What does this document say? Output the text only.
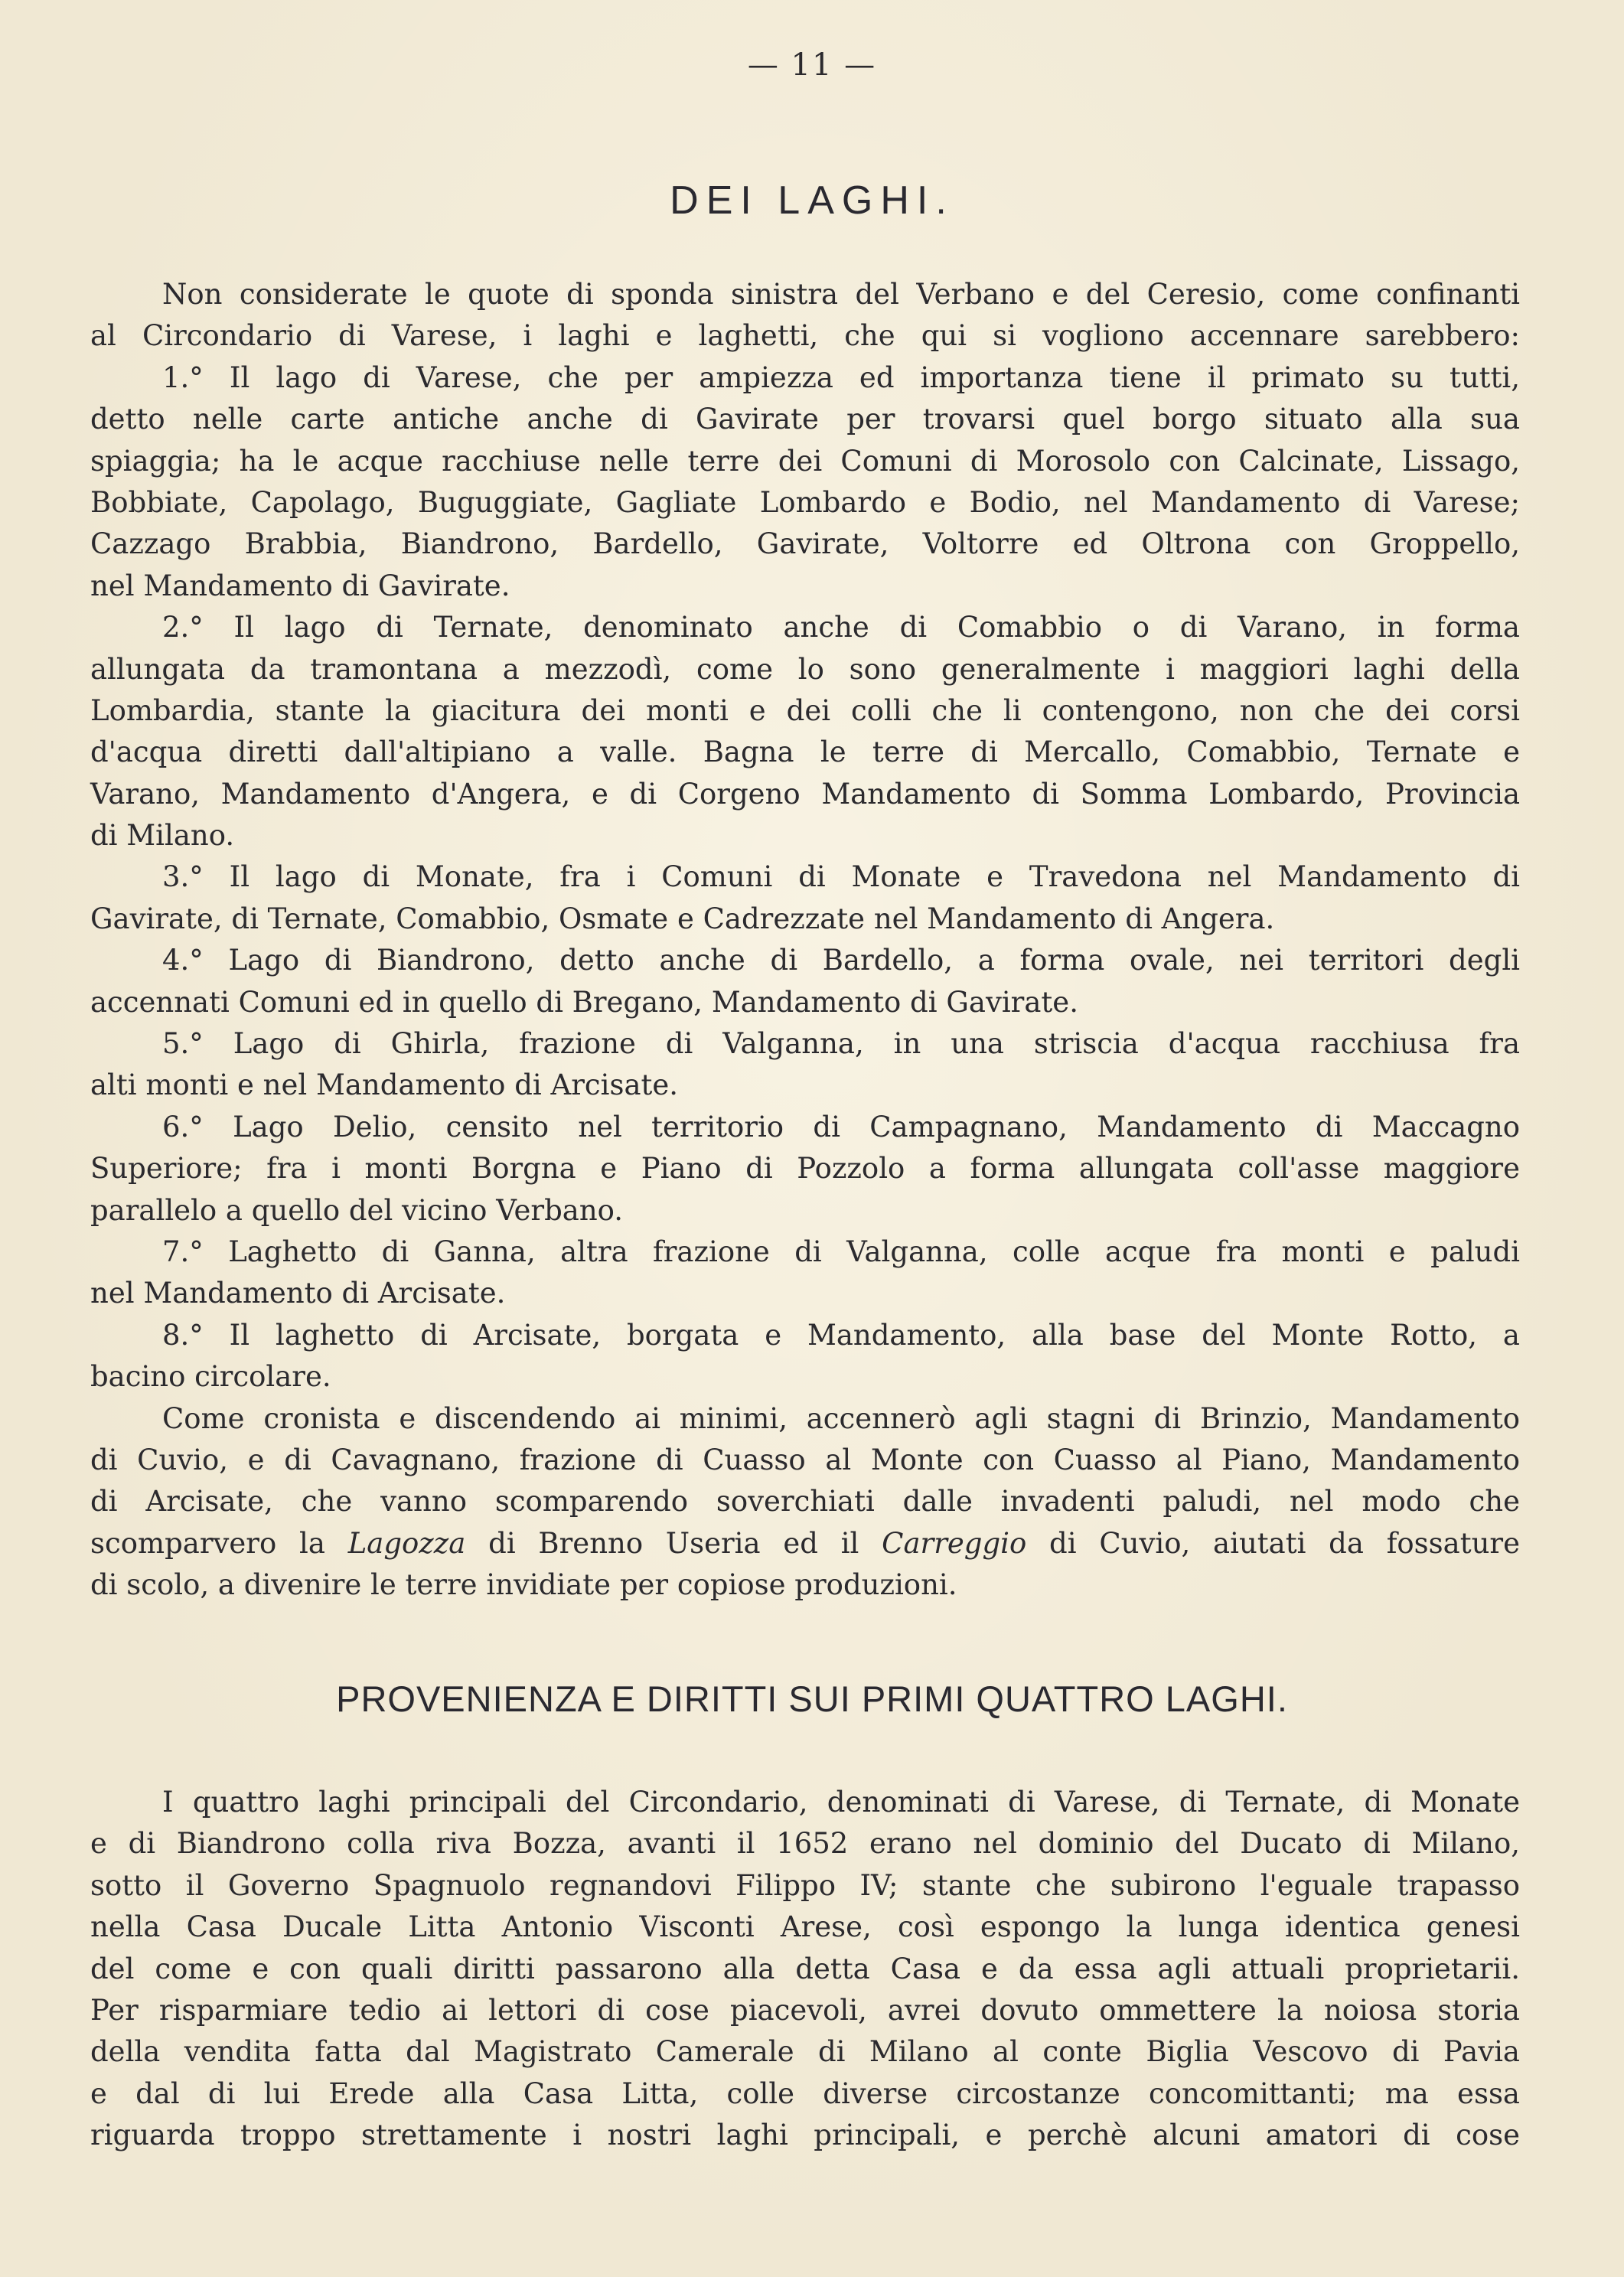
— 11 —
DEI LAGHI.
Non considerate le quote di sponda sinistra del Verbano e del Ceresio, come confinanti
al Circondario di Varese, i laghi e laghetti, che qui si vogliono accennare sarebbero:
1.° Il lago di Varese, che per ampiezza ed importanza tiene il primato su tutti,
detto nelle carte antiche anche di Gavirate per trovarsi quel borgo situato alla sua
spiaggia; ha le acque racchiuse nelle terre dei Comuni di Morosolo con Calcinate, Lissago,
Bobbiate, Capolago, Buguggiate, Gagliate Lombardo e Bodio, nel Mandamento di Varese;
Cazzago Brabbia, Biandrono, Bardello, Gavirate, Voltorre ed Oltrona con Groppello,
nel Mandamento di Gavirate.
2.° Il lago di Ternate, denominato anche di Comabbio o di Varano, in forma
allungata da tramontana a mezzodì, come lo sono generalmente i maggiori laghi della
Lombardia, stante la giacitura dei monti e dei colli che li contengono, non che dei corsi
d'acqua diretti dall'altipiano a valle. Bagna le terre di Mercallo, Comabbio, Ternate e
Varano, Mandamento d'Angera, e di Corgeno Mandamento di Somma Lombardo, Provincia
di Milano.
3.° Il lago di Monate, fra i Comuni di Monate e Travedona nel Mandamento di
Gavirate, di Ternate, Comabbio, Osmate e Cadrezzate nel Mandamento di Angera.
4.° Lago di Biandrono, detto anche di Bardello, a forma ovale, nei territori degli
accennati Comuni ed in quello di Bregano, Mandamento di Gavirate.
5.° Lago di Ghirla, frazione di Valganna, in una striscia d'acqua racchiusa fra
alti monti e nel Mandamento di Arcisate.
6.° Lago Delio, censito nel territorio di Campagnano, Mandamento di Maccagno
Superiore; fra i monti Borgna e Piano di Pozzolo a forma allungata coll'asse maggiore
parallelo a quello del vicino Verbano.
7.° Laghetto di Ganna, altra frazione di Valganna, colle acque fra monti e paludi
nel Mandamento di Arcisate.
8.° Il laghetto di Arcisate, borgata e Mandamento, alla base del Monte Rotto, a
bacino circolare.
Come cronista e discendendo ai minimi, accennerò agli stagni di Brinzio, Mandamento
di Cuvio, e di Cavagnano, frazione di Cuasso al Monte con Cuasso al Piano, Mandamento
di Arcisate, che vanno scomparendo soverchiati dalle invadenti paludi, nel modo che
scomparvero la Lagozza di Brenno Useria ed il Carreggio di Cuvio, aiutati da fossature
di scolo, a divenire le terre invidiate per copiose produzioni.
PROVENIENZA E DIRITTI SUI PRIMI QUATTRO LAGHI.
I quattro laghi principali del Circondario, denominati di Varese, di Ternate, di Monate
e di Biandrono colla riva Bozza, avanti il 1652 erano nel dominio del Ducato di Milano,
sotto il Governo Spagnuolo regnandovi Filippo IV; stante che subirono l'eguale trapasso
nella Casa Ducale Litta Antonio Visconti Arese, così espongo la lunga identica genesi
del come e con quali diritti passarono alla detta Casa e da essa agli attuali proprietarii.
Per risparmiare tedio ai lettori di cose piacevoli, avrei dovuto ommettere la noiosa storia
della vendita fatta dal Magistrato Camerale di Milano al conte Biglia Vescovo di Pavia
e dal di lui Erede alla Casa Litta, colle diverse circostanze concomittanti; ma essa
riguarda troppo strettamente i nostri laghi principali, e perchè alcuni amatori di cose
